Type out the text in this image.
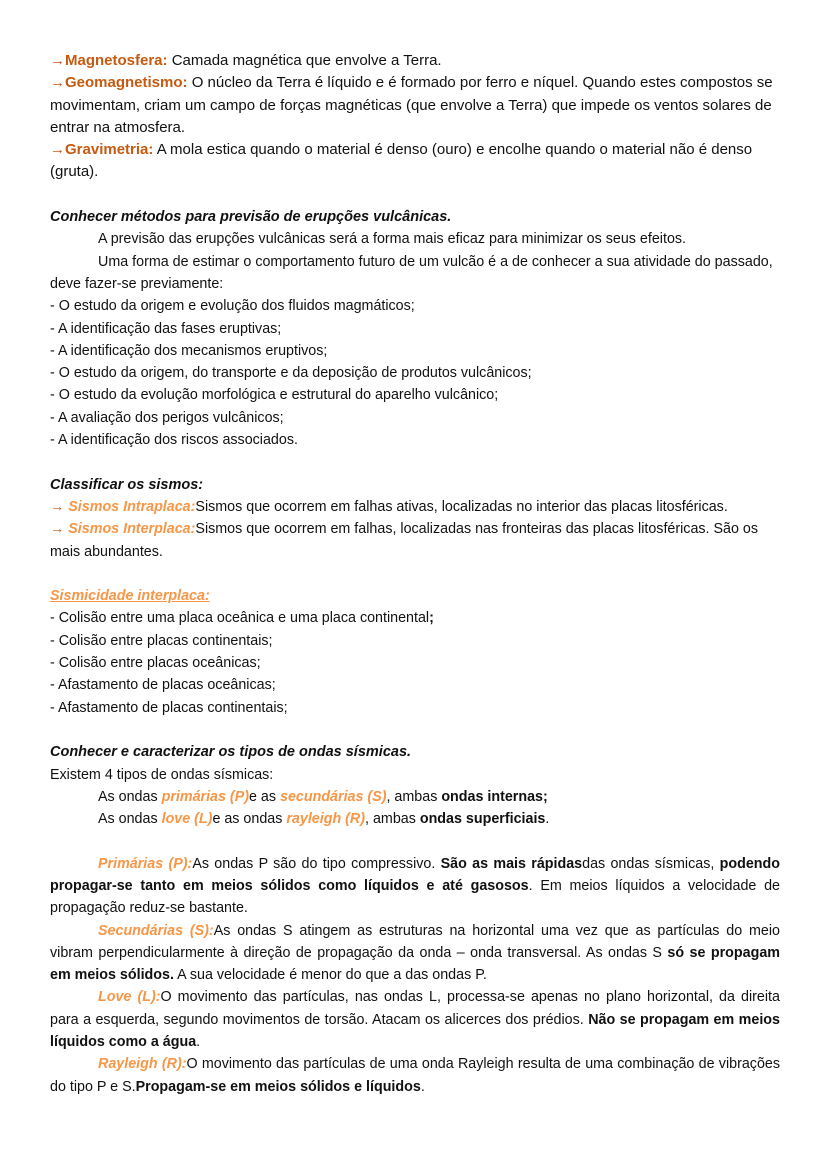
→Magnetosfera: Camada magnética que envolve a Terra.

→Geomagnetismo: O núcleo da Terra é líquido e é formado por ferro e níquel. Quando estes compostos se movimentam, criam um campo de forças magnéticas (que envolve a Terra) que impede os ventos solares de entrar na atmosfera.

→Gravimetria: A mola estica quando o material é denso (ouro) e encolhe quando o material não é denso (gruta).

Conhecer métodos para previsão de erupções vulcânicas.

A previsão das erupções vulcânicas será a forma mais eficaz para minimizar os seus efeitos.

Uma forma de estimar o comportamento futuro de um vulcão é a de conhecer a sua atividade do passado,

deve fazer-se previamente:

- O estudo da origem e evolução dos fluidos magmáticos;
- A identificação das fases eruptivas;
- A identificação dos mecanismos eruptivos;
- O estudo da origem, do transporte e da deposição de produtos vulcânicos;
- O estudo da evolução morfológica e estrutural do aparelho vulcânico;
- A avaliação dos perigos vulcânicos;
- A identificação dos riscos associados.

Classificar os sismos:

→ Sismos Intraplaca:Sismos que ocorrem em falhas ativas, localizadas no interior das placas litosféricas.

→ Sismos Interplaca:Sismos que ocorrem em falhas, localizadas nas fronteiras das placas litosféricas. São os mais abundantes.

Sismicidade interplaca:

- Colisão entre uma placa oceânica e uma placa continental;

- Colisão entre placas continentais;
- Colisão entre placas oceânicas;
- Afastamento de placas oceânicas;
- Afastamento de placas continentais;

Conhecer e caracterizar os tipos de ondas sísmicas.

Existem 4 tipos de ondas sísmicas:

As ondas primárias (P)e as secundárias (S), ambas ondas internas;

As ondas love (L)e as ondas rayleigh (R), ambas ondas superficiais.

Primárias (P):As ondas P são do tipo compressivo. São as mais rápidasdas ondas sísmicas, podendo propagar-se tanto em meios sólidos como líquidos e até gasosos. Em meios líquidos a velocidade de propagação reduz-se bastante.

Secundárias (S):As ondas S atingem as estruturas na horizontal uma vez que as partículas do meio vibram perpendicularmente à direção de propagação da onda – onda transversal. As ondas S só se propagam em meios sólidos. A sua velocidade é menor do que a das ondas P.

Love (L):O movimento das partículas, nas ondas L, processa-se apenas no plano horizontal, da direita para a esquerda, segundo movimentos de torsão. Atacam os alicerces dos prédios. Não se propagam em meios líquidos como a água.

Rayleigh (R):O movimento das partículas de uma onda Rayleigh resulta de uma combinação de vibrações do tipo P e S.Propagam-se em meios sólidos e líquidos.
